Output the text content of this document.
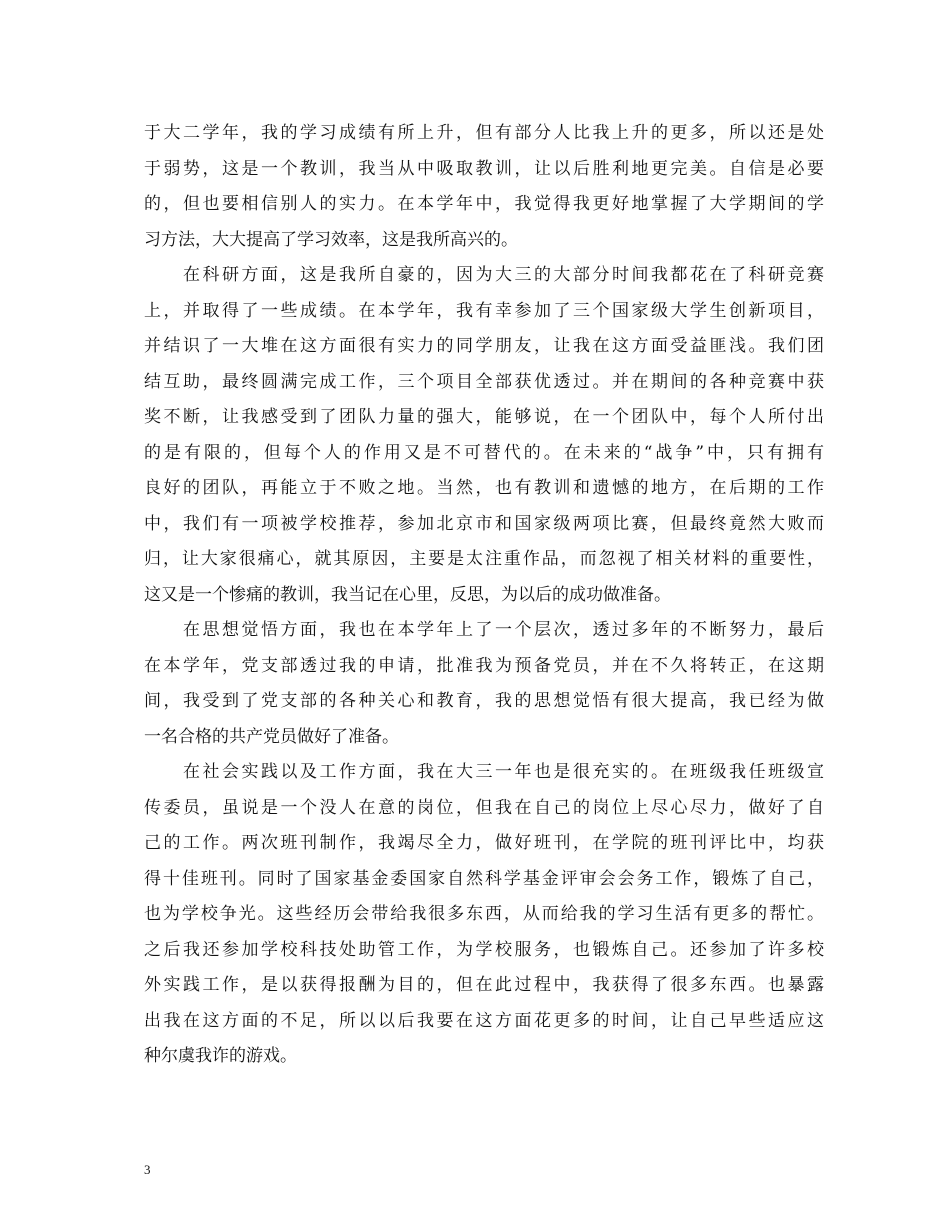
于大二学年，我的学习成绩有所上升，但有部分人比我上升的更多，所以还是处
于弱势，这是一个教训，我当从中吸取教训，让以后胜利地更完美。自信是必要
的，但也要相信别人的实力。在本学年中，我觉得我更好地掌握了大学期间的学
习方法，大大提高了学习效率，这是我所高兴的。
　　在科研方面，这是我所自豪的，因为大三的大部分时间我都花在了科研竞赛
上，并取得了一些成绩。在本学年，我有幸参加了三个国家级大学生创新项目，
并结识了一大堆在这方面很有实力的同学朋友，让我在这方面受益匪浅。我们团
结互助，最终圆满完成工作，三个项目全部获优透过。并在期间的各种竞赛中获
奖不断，让我感受到了团队力量的强大，能够说，在一个团队中，每个人所付出
的是有限的，但每个人的作用又是不可替代的。在未来的“战争”中，只有拥有
良好的团队，再能立于不败之地。当然，也有教训和遗憾的地方，在后期的工作
中，我们有一项被学校推荐，参加北京市和国家级两项比赛，但最终竟然大败而
归，让大家很痛心，就其原因，主要是太注重作品，而忽视了相关材料的重要性，
这又是一个惨痛的教训，我当记在心里，反思，为以后的成功做准备。
　　在思想觉悟方面，我也在本学年上了一个层次，透过多年的不断努力，最后
在本学年，党支部透过我的申请，批准我为预备党员，并在不久将转正，在这期
间，我受到了党支部的各种关心和教育，我的思想觉悟有很大提高，我已经为做
一名合格的共产党员做好了准备。
　　在社会实践以及工作方面，我在大三一年也是很充实的。在班级我任班级宣
传委员，虽说是一个没人在意的岗位，但我在自己的岗位上尽心尽力，做好了自
己的工作。两次班刊制作，我竭尽全力，做好班刊，在学院的班刊评比中，均获
得十佳班刊。同时了国家基金委国家自然科学基金评审会会务工作，锻炼了自己，
也为学校争光。这些经历会带给我很多东西，从而给我的学习生活有更多的帮忙。
之后我还参加学校科技处助管工作，为学校服务，也锻炼自己。还参加了许多校
外实践工作，是以获得报酬为目的，但在此过程中，我获得了很多东西。也暴露
出我在这方面的不足，所以以后我要在这方面花更多的时间，让自己早些适应这
种尔虞我诈的游戏。
3
